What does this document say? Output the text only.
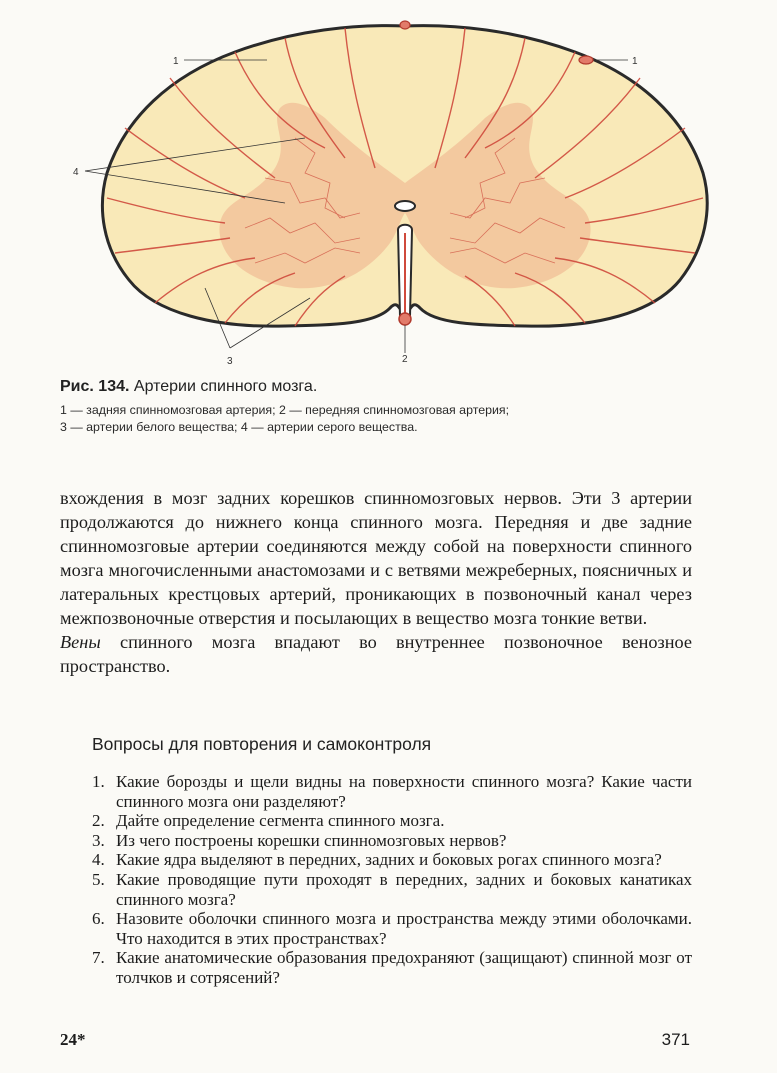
1	1
4
3	2

Рис. 134. Артерии спинного мозга.

1 — задняя спинномозговая артерия; 2 — передняя спинномозговая артерия;
3 — артерии белого вещества; 4 — артерии серого вещества.

вхождения в мозг задних корешков спинномозговых нервов. Эти 3 артерии продолжаются до нижнего конца спинного мозга. Передняя и две задние спинномозговые артерии соединяются между собой на поверхности спинного мозга многочисленными анастомозами и с ветвями межреберных, поясничных и латеральных крестцовых артерий, проникающих в позвоночный канал через межпозвоночные отверстия и посылающих в вещество мозга тонкие ветви.

Вены спинного мозга впадают во внутреннее позвоночное венозное пространство.

Вопросы для повторения и самоконтроля
1. Какие борозды и щели видны на поверхности спинного мозга? Какие части спинного мозга они разделяют?
2. Дайте определение сегмента спинного мозга.
3. Из чего построены корешки спинномозговых нервов?
4. Какие ядра выделяют в передних, задних и боковых рогах спинного мозга?
5. Какие проводящие пути проходят в передних, задних и боковых канатиках спинного мозга?
6. Назовите оболочки спинного мозга и пространства между этими оболочками. Что находится в этих пространствах?
7. Какие анатомические образования предохраняют (защищают) спинной мозг от толчков и сотрясений?
24*	371
